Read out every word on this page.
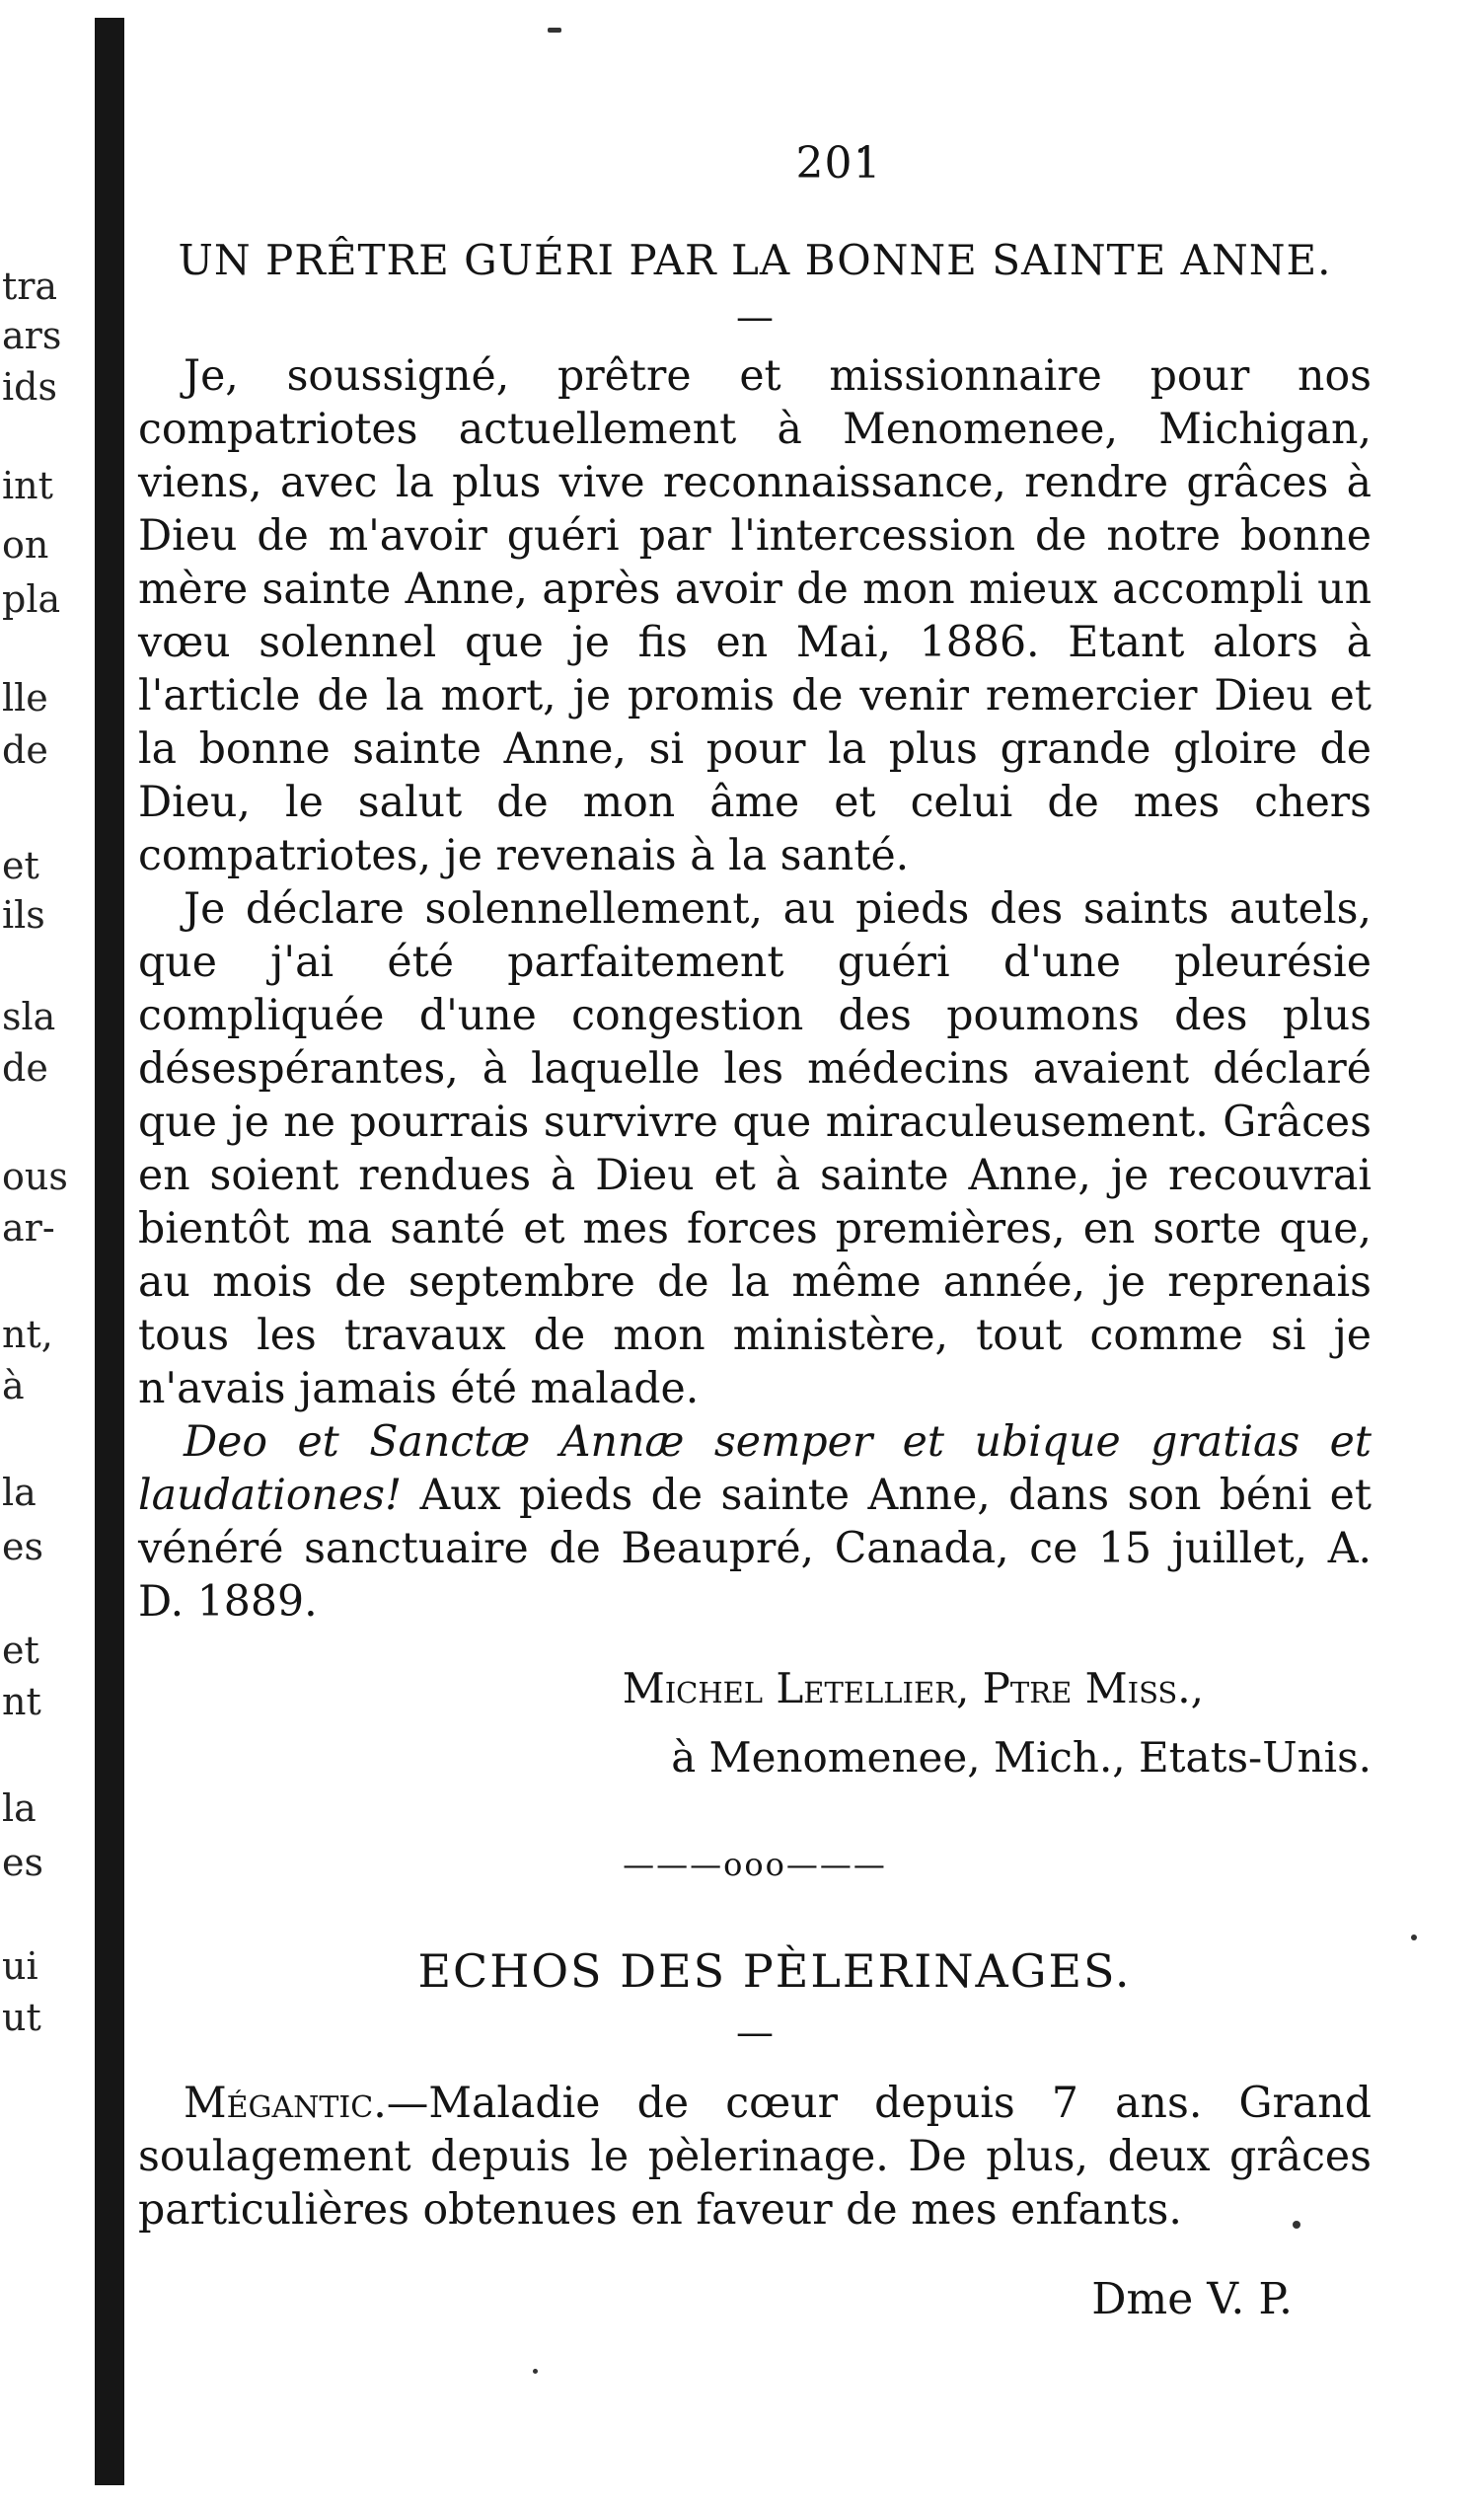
tra
ars
ids
int
on
pla
lle
de
et
ils
sla
de
ous
ar-
nt,
à
la
es
et
nt
la
es
ui
ut
201
UN PRÊTRE GUÉRI PAR LA BONNE SAINTE ANNE.
—

Je, soussigné, prêtre et missionnaire pour nos compatriotes actuellement à Menomenee, Michigan, viens, avec la plus vive reconnaissance, rendre grâces à Dieu de m'avoir guéri par l'intercession de notre bonne mère sainte Anne, après avoir de mon mieux accompli un vœu solennel que je fis en Mai, 1886. Etant alors à l'article de la mort, je promis de venir remercier Dieu et la bonne sainte Anne, si pour la plus grande gloire de Dieu, le salut de mon âme et celui de mes chers compatriotes, je revenais à la santé.

Je déclare solennellement, au pieds des saints autels, que j'ai été parfaitement guéri d'une pleurésie compliquée d'une congestion des poumons des plus désespérantes, à laquelle les médecins avaient déclaré que je ne pourrais survivre que miraculeusement. Grâces en soient rendues à Dieu et à sainte Anne, je recouvrai bientôt ma santé et mes forces premières, en sorte que, au mois de septembre de la même année, je reprenais tous les travaux de mon ministère, tout comme si je n'avais jamais été malade.

Deo et Sanctæ Annæ semper et ubique gratias et laudationes! Aux pieds de sainte Anne, dans son béni et vénéré sanctuaire de Beaupré, Canada, ce 15 juillet, A. D. 1889.

Michel Letellier, Ptre Miss.,
à Menomenee, Mich., Etats-Unis.
———ooo———
ECHOS DES PÈLERINAGES.
—

Mégantic.—Maladie de cœur depuis 7 ans. Grand soulagement depuis le pèlerinage. De plus, deux grâces particulières obtenues en faveur de mes enfants.

Dme V. P.
